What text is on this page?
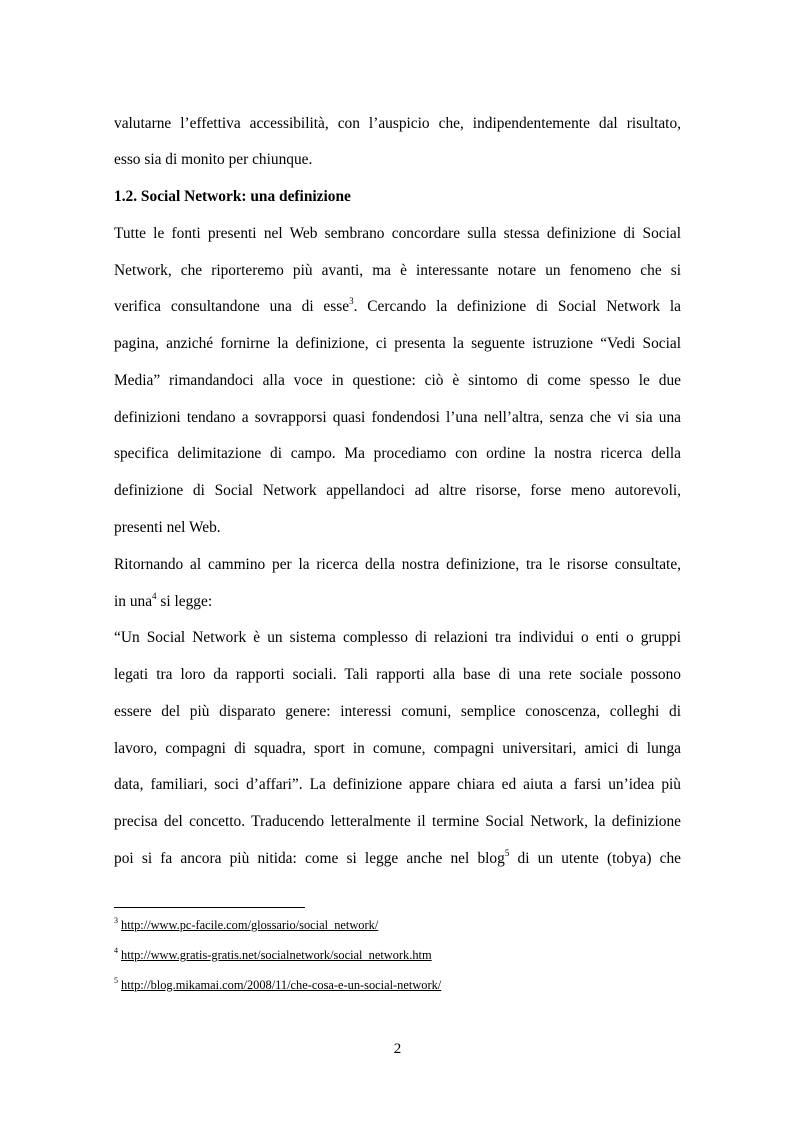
valutarne l’effettiva accessibilità, con l’auspicio che, indipendentemente dal risultato,
esso sia di monito per chiunque.
1.2. Social Network: una definizione
Tutte le fonti presenti nel Web sembrano concordare sulla stessa definizione di Social
Network, che riporteremo più avanti, ma è interessante notare un fenomeno che si
verifica consultandone una di esse$^3$. Cercando la definizione di Social Network la
pagina, anziché fornirne la definizione, ci presenta la seguente istruzione “Vedi Social
Media” rimandandoci alla voce in questione: ciò è sintomo di come spesso le due
definizioni tendano a sovrapporsi quasi fondendosi l’una nell’altra, senza che vi sia una
specifica delimitazione di campo. Ma procediamo con ordine la nostra ricerca della
definizione di Social Network appellandoci ad altre risorse, forse meno autorevoli,
presenti nel Web.
Ritornando al cammino per la ricerca della nostra definizione, tra le risorse consultate,
in una$^4$ si legge:
“Un Social Network è un sistema complesso di relazioni tra individui o enti o gruppi
legati tra loro da rapporti sociali. Tali rapporti alla base di una rete sociale possono
essere del più disparato genere: interessi comuni, semplice conoscenza, colleghi di
lavoro, compagni di squadra, sport in comune, compagni universitari, amici di lunga
data, familiari, soci d’affari”. La definizione appare chiara ed aiuta a farsi un’idea più
precisa del concetto. Traducendo letteralmente il termine Social Network, la definizione
poi si fa ancora più nitida: come si legge anche nel blog$^5$ di un utente (tobya) che
$^3$ http://www.pc-facile.com/glossario/social_network/
$^4$ http://www.gratis-gratis.net/socialnetwork/social_network.htm
$^5$ http://blog.mikamai.com/2008/11/che-cosa-e-un-social-network/
2
